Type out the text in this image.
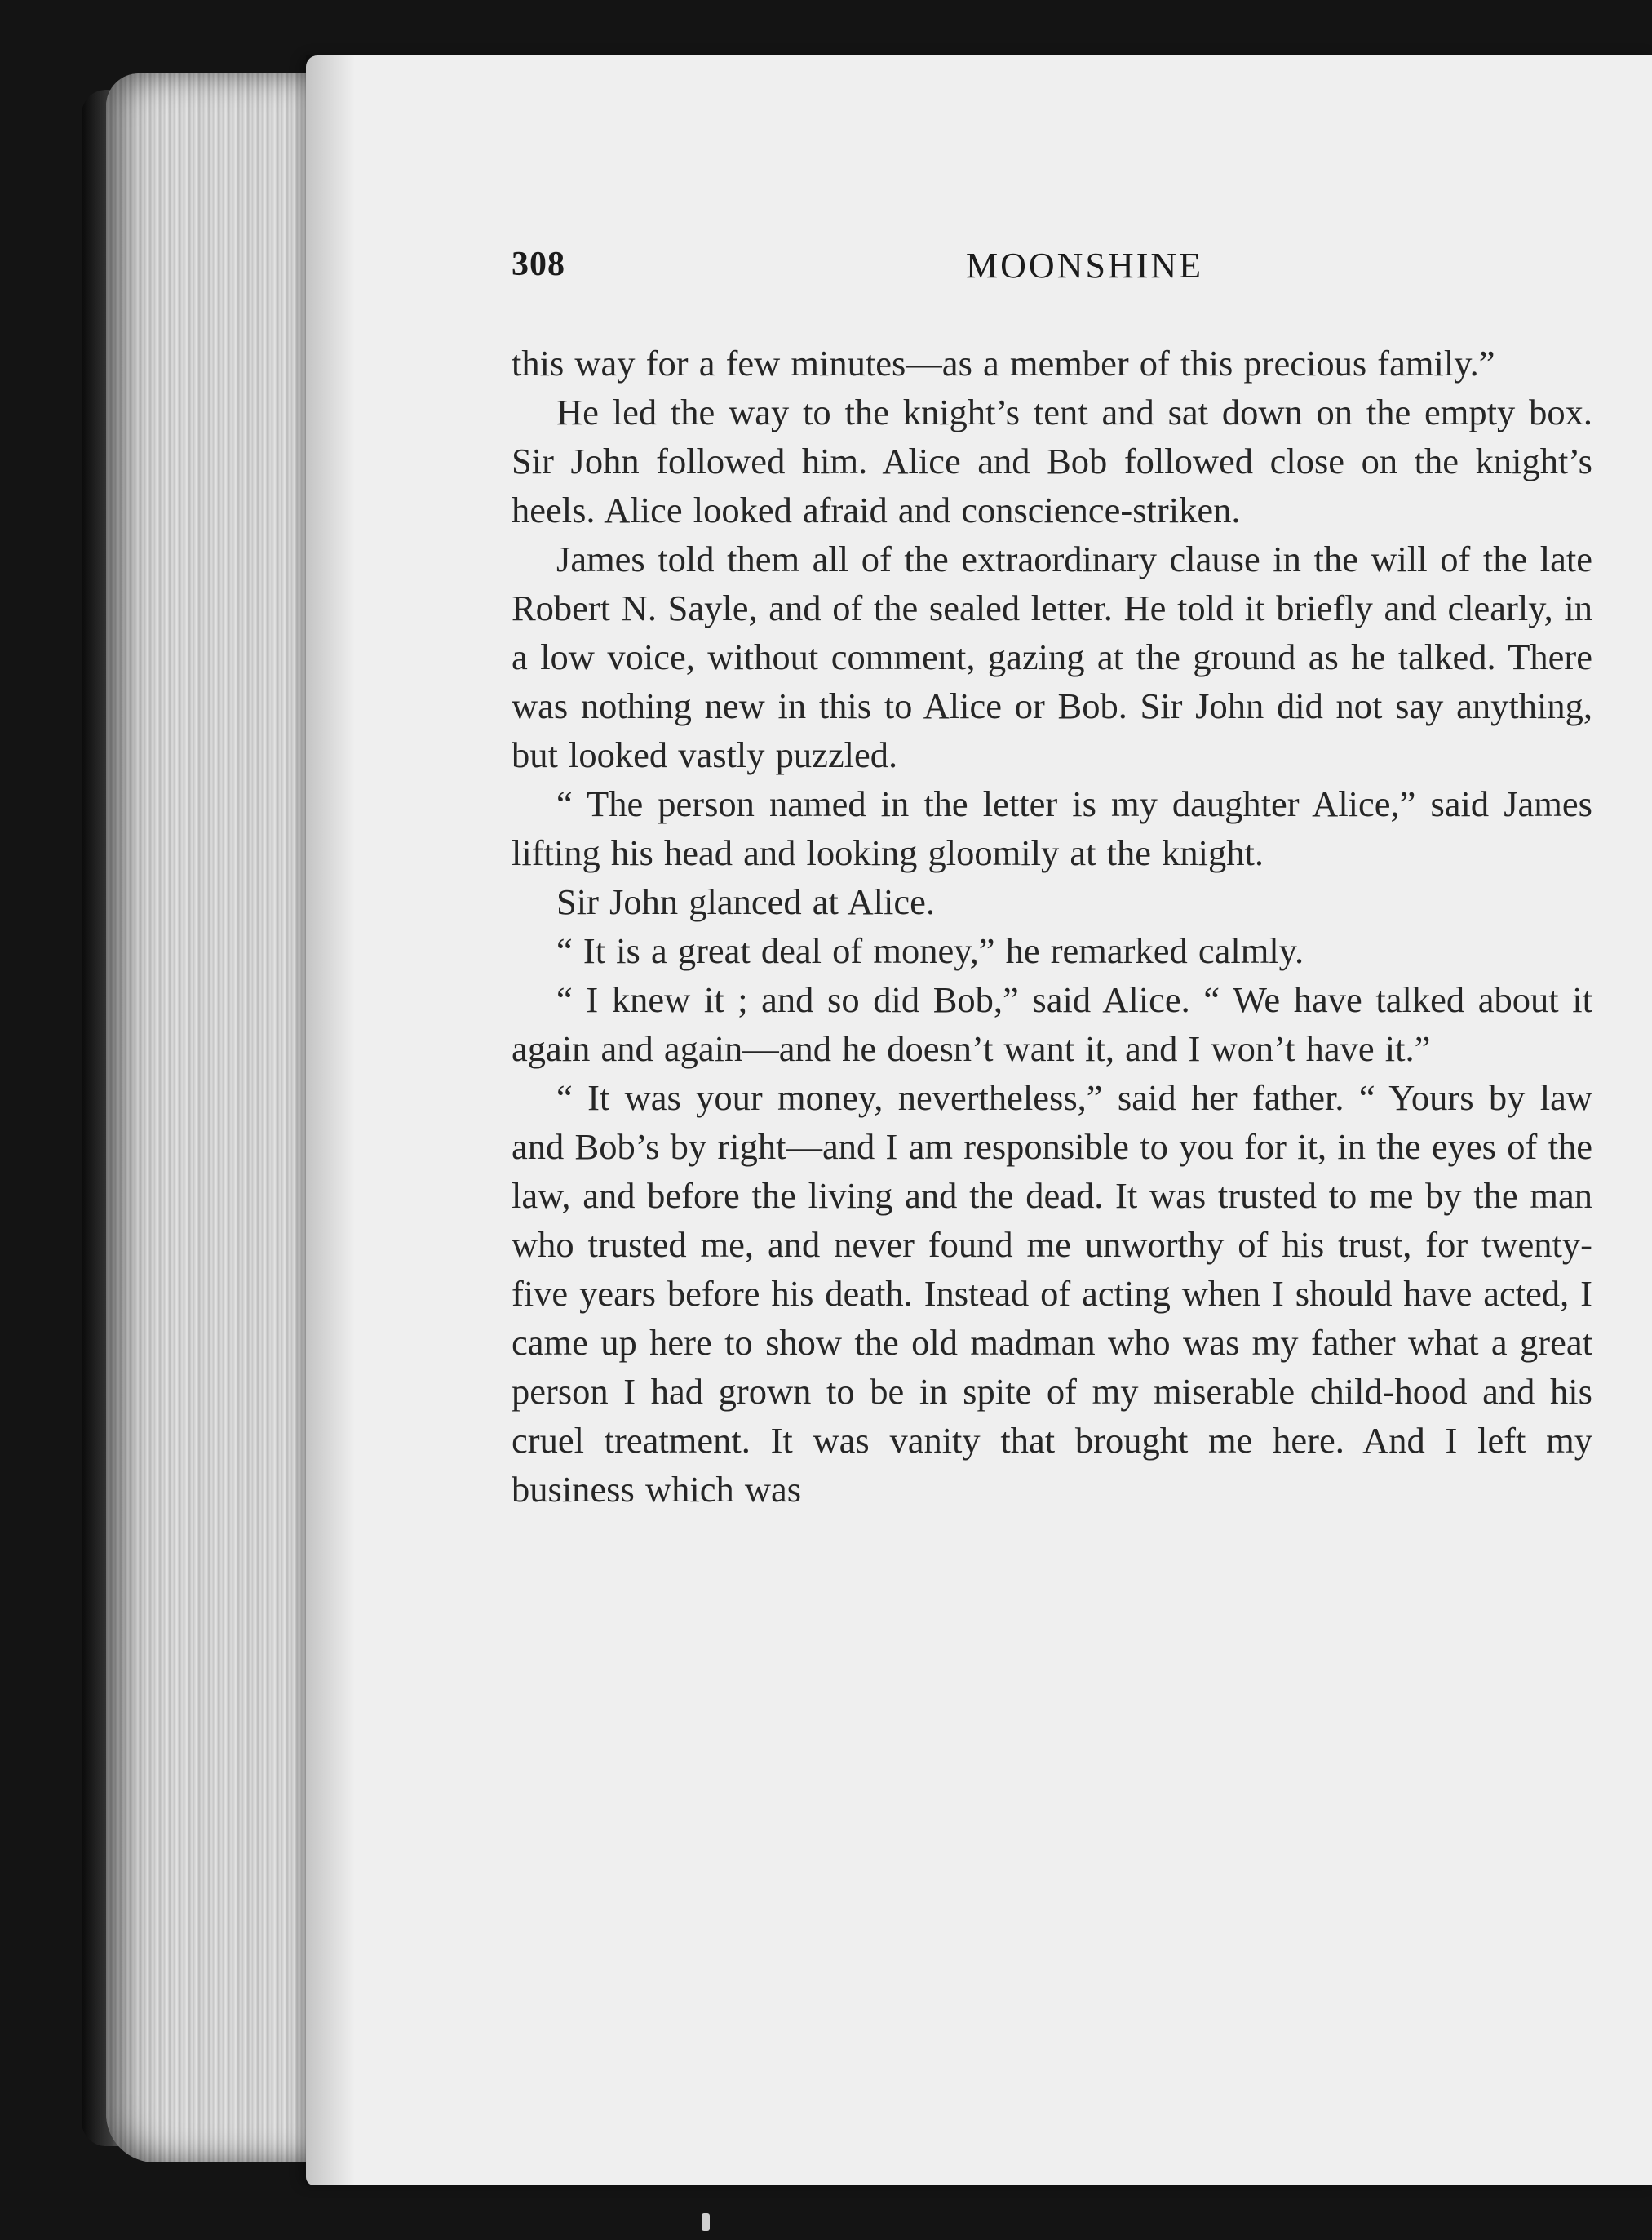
308	MOONSHINE

this way for a few minutes—as a member of this precious family.”

He led the way to the knight’s tent and sat down on the empty box. Sir John followed him. Alice and Bob followed close on the knight’s heels. Alice looked afraid and conscience-striken.

James told them all of the extraordinary clause in the will of the late Robert N. Sayle, and of the sealed letter. He told it briefly and clearly, in a low voice, without comment, gazing at the ground as he talked. There was nothing new in this to Alice or Bob. Sir John did not say anything, but looked vastly puzzled.

“ The person named in the letter is my daughter Alice,” said James lifting his head and looking gloomily at the knight.

Sir John glanced at Alice.

“ It is a great deal of money,” he remarked calmly.

“ I knew it ; and so did Bob,” said Alice. “ We have talked about it again and again—and he doesn’t want it, and I won’t have it.”

“ It was your money, nevertheless,” said her father. “ Yours by law and Bob’s by right—and I am responsible to you for it, in the eyes of the law, and before the living and the dead. It was trusted to me by the man who trusted me, and never found me unworthy of his trust, for twenty-five years before his death. Instead of acting when I should have acted, I came up here to show the old madman who was my father what a great person I had grown to be in spite of my miserable child-hood and his cruel treatment. It was vanity that brought me here. And I left my business which was
